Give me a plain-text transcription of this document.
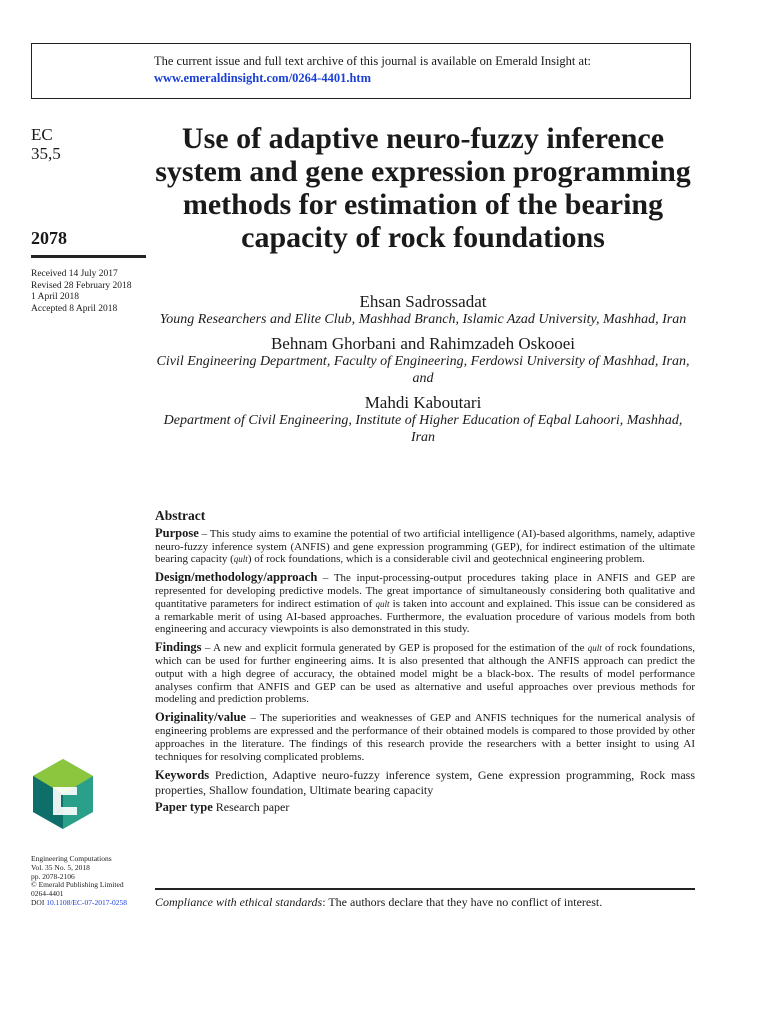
The current issue and full text archive of this journal is available on Emerald Insight at:
www.emeraldinsight.com/0264-4401.htm
EC
35,5
2078
Received 14 July 2017
Revised 28 February 2018
1 April 2018
Accepted 8 April 2018
Use of adaptive neuro-fuzzy inference system and gene expression programming methods for estimation of the bearing capacity of rock foundations

Ehsan Sadrossadat

Young Researchers and Elite Club, Mashhad Branch, Islamic Azad University, Mashhad, Iran

Behnam Ghorbani and Rahimzadeh Oskooei

Civil Engineering Department, Faculty of Engineering, Ferdowsi University of Mashhad, Iran, and

Mahdi Kaboutari

Department of Civil Engineering, Institute of Higher Education of Eqbal Lahoori, Mashhad, Iran

Abstract

Purpose – This study aims to examine the potential of two artificial intelligence (AI)-based algorithms, namely, adaptive neuro-fuzzy inference system (ANFIS) and gene expression programming (GEP), for indirect estimation of the ultimate bearing capacity (qult) of rock foundations, which is a considerable civil and geotechnical engineering problem.

Design/methodology/approach – The input-processing-output procedures taking place in ANFIS and GEP are represented for developing predictive models. The great importance of simultaneously considering both qualitative and quantitative parameters for indirect estimation of qult is taken into account and explained. This issue can be considered as a remarkable merit of using AI-based approaches. Furthermore, the evaluation procedure of various models from both engineering and accuracy viewpoints is also demonstrated in this study.

Findings – A new and explicit formula generated by GEP is proposed for the estimation of the qult of rock foundations, which can be used for further engineering aims. It is also presented that although the ANFIS approach can predict the output with a high degree of accuracy, the obtained model might be a black-box. The results of model performance analyses confirm that ANFIS and GEP can be used as alternative and useful approaches over previous methods for modeling and prediction problems.

Originality/value – The superiorities and weaknesses of GEP and ANFIS techniques for the numerical analysis of engineering problems are expressed and the performance of their obtained models is compared to those provided by other approaches in the literature. The findings of this research provide the researchers with a better insight to using AI techniques for resolving complicated problems.

Keywords Prediction, Adaptive neuro-fuzzy inference system, Gene expression programming, Rock mass properties, Shallow foundation, Ultimate bearing capacity
Paper type Research paper
Compliance with ethical standards: The authors declare that they have no conflict of interest.
Engineering Computations
Vol. 35 No. 5, 2018
pp. 2078-2106
© Emerald Publishing Limited
0264-4401
DOI 10.1108/EC-07-2017-0258
